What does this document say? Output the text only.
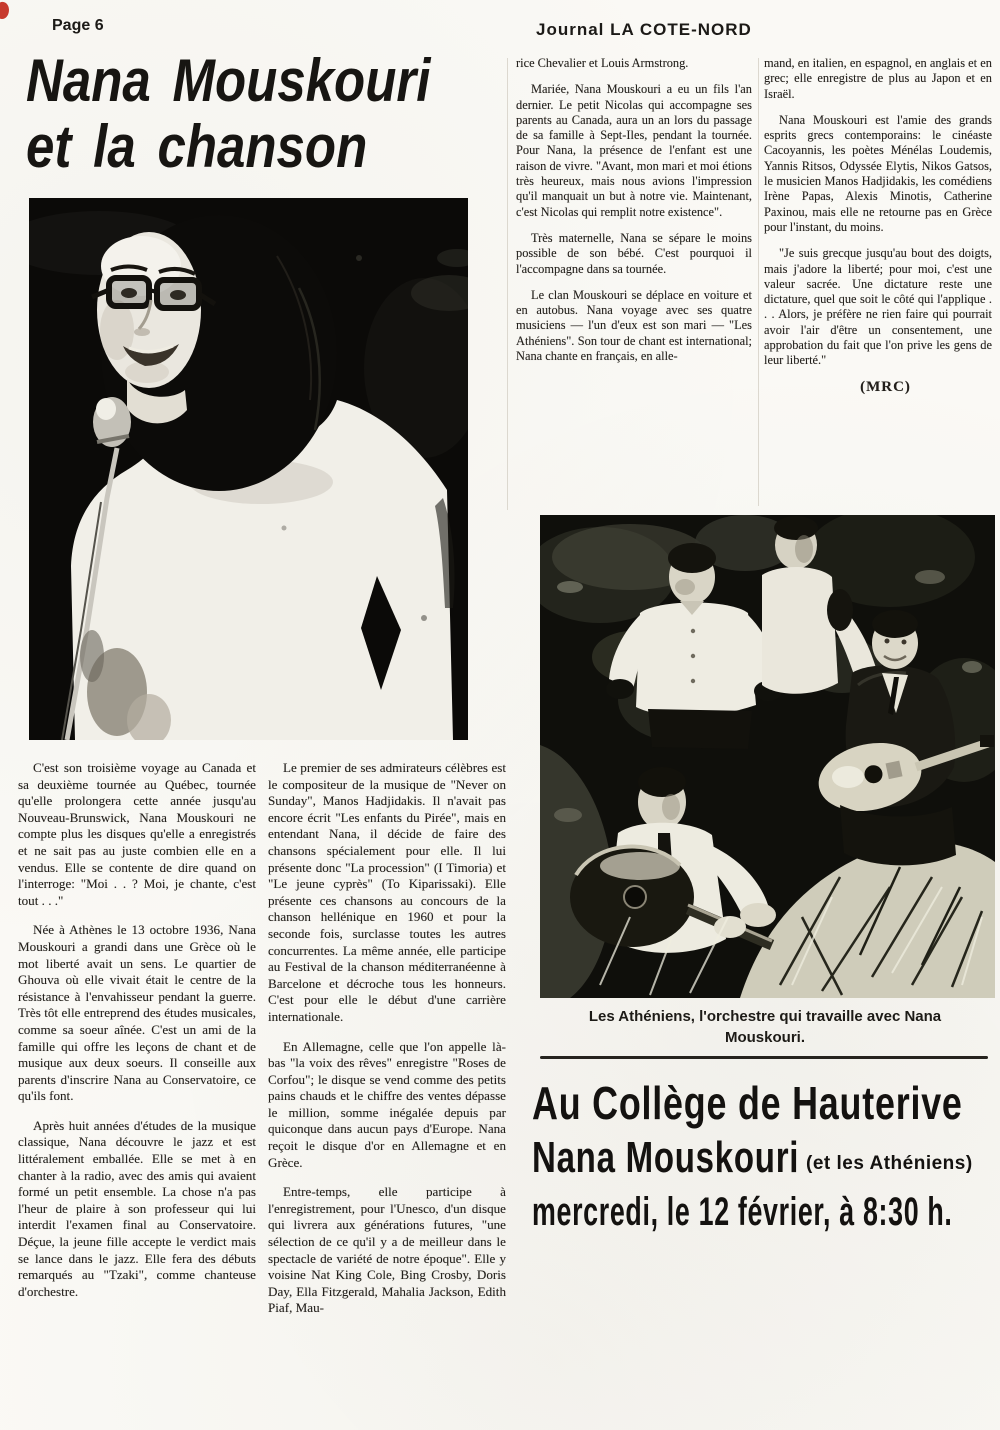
Page 6	Journal LA COTE-NORD
Nana Mouskouri
et la chanson

rice Chevalier et Louis Armstrong.

Mariée, Nana Mouskouri a eu un fils l'an dernier. Le petit Nicolas qui accompagne ses parents au Canada, aura un an lors du passage de sa famille à Sept-Iles, pendant la tournée. Pour Nana, la présence de l'enfant est une raison de vivre. "Avant, mon mari et moi étions très heureux, mais nous avions l'impression qu'il manquait un but à notre vie. Maintenant, c'est Nicolas qui remplit notre existence".

Très maternelle, Nana se sépare le moins possible de son bébé. C'est pourquoi il l'accompagne dans sa tournée.

Le clan Mouskouri se déplace en voiture et en autobus. Nana voyage avec ses quatre musiciens — l'un d'eux est son mari — "Les Athéniens". Son tour de chant est international; Nana chante en français, en alle-

mand, en italien, en espagnol, en anglais et en grec; elle enregistre de plus au Japon et en Israël.

Nana Mouskouri est l'amie des grands esprits grecs contemporains: le cinéaste Cacoyannis, les poètes Ménélas Loudemis, Yannis Ritsos, Odyssée Elytis, Nikos Gatsos, le musicien Manos Hadjidakis, les comédiens Irène Papas, Alexis Minotis, Catherine Paxinou, mais elle ne retourne pas en Grèce pour l'instant, du moins.

"Je suis grecque jusqu'au bout des doigts, mais j'adore la liberté; pour moi, c'est une valeur sacrée. Une dictature reste une dictature, quel que soit le côté qui l'applique . . . Alors, je préfère ne rien faire qui pourrait avoir l'air d'être un consentement, une approbation du fait que l'on prive les gens de leur liberté."

(MRC)

C'est son troisième voyage au Canada et sa deuxième tournée au Québec, tournée qu'elle prolongera cette année jusqu'au Nouveau-Brunswick, Nana Mouskouri ne compte plus les disques qu'elle a enregistrés et ne sait pas au juste combien elle en a vendus. Elle se contente de dire quand on l'interroge: "Moi . . ? Moi, je chante, c'est tout . . ."

Née à Athènes le 13 octobre 1936, Nana Mouskouri a grandi dans une Grèce où le mot liberté avait un sens. Le quartier de Ghouva où elle vivait était le centre de la résistance à l'envahisseur pendant la guerre. Très tôt elle entreprend des études musicales, comme sa soeur aînée. C'est un ami de la famille qui offre les leçons de chant et de musique aux deux soeurs. Il conseille aux parents d'inscrire Nana au Conservatoire, ce qu'ils font.

Après huit années d'études de la musique classique, Nana découvre le jazz et est littéralement emballée. Elle se met à en chanter à la radio, avec des amis qui avaient formé un petit ensemble. La chose n'a pas l'heur de plaire à son professeur qui lui interdit l'examen final au Conservatoire. Déçue, la jeune fille accepte le verdict mais se lance dans le jazz. Elle fera des débuts remarqués au "Tzaki", comme chanteuse d'orchestre.

Le premier de ses admirateurs célèbres est le compositeur de la musique de "Never on Sunday", Manos Hadjidakis. Il n'avait pas encore écrit "Les enfants du Pirée", mais en entendant Nana, il décide de faire des chansons spécialement pour elle. Il lui présente donc "La procession" (I Timoria) et "Le jeune cyprès" (To Kiparissaki). Elle présente ces chansons au concours de la chanson hellénique en 1960 et pour la seconde fois, surclasse toutes les autres concurrentes. La même année, elle participe au Festival de la chanson méditerranéenne à Barcelone et décroche tous les honneurs. C'est pour elle le début d'une carrière internationale.

En Allemagne, celle que l'on appelle là-bas "la voix des rêves" enregistre "Roses de Corfou"; le disque se vend comme des petits pains chauds et le chiffre des ventes dépasse le million, somme inégalée depuis par quiconque dans aucun pays d'Europe. Nana reçoit le disque d'or en Allemagne et en Grèce.

Entre-temps, elle participe à l'enregistrement, pour l'Unesco, d'un disque qui livrera aux générations futures, "une sélection de ce qu'il y a de meilleur dans le spectacle de variété de notre époque". Elle y voisine Nat King Cole, Bing Crosby, Doris Day, Ella Fitzgerald, Mahalia Jackson, Edith Piaf, Mau-

Les Athéniens, l'orchestre qui travaille avec Nana Mouskouri.
Au Collège de Hauterive
Nana Mouskouri (et les Athéniens)
mercredi, le 12 février, à 8:30 h.
